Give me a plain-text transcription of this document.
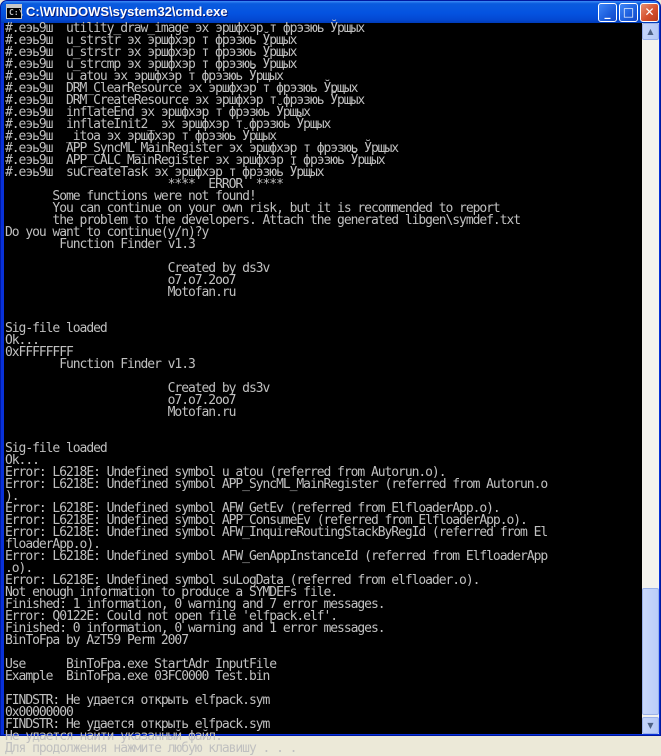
C:\ C:\WINDOWS\system32\cmd.exe	_	□ ✕
#.еэь9ш  utility_draw_image эх эршфхэр т фрэзюь Ўрщых
#.еэь9ш  u_strstr эх эршфхэр т фрэзюь Ўрщых
#.еэь9ш  u_strstr эх эршфхэр т фрэзюь Ўрщых
#.еэь9ш  u_strcmp эх эршфхэр т фрэзюь Ўрщых
#.еэь9ш  u_atou эх эршфхэр т фрэзюь Ўрщых
#.еэь9ш  DRM_ClearResource эх эршфхэр т фрэзюь Ўрщых
#.еэь9ш  DRM_CreateResource эх эршфхэр т фрэзюь Ўрщых
#.еэь9ш  inflateEnd эх эршфхэр т фрэзюь Ўрщых
#.еэь9ш  inflateInit2_ эх эршфхэр т фрэзюь Ўрщых
#.еэь9ш  _itoa эх эршфхэр т фрэзюь Ўрщых
#.еэь9ш  APP_SyncML_MainRegister эх эршфхэр т фрэзюь Ўрщых
#.еэь9ш  APP_CALC_MainRegister эх эршфхэр т фрэзюь Ўрщых
#.еэь9ш  suCreateTask эх эршфхэр т фрэзюь Ўрщых
****  ERROR  ****
Some functions were not found!
You can continue on your own risk, but it is recommended to report
the problem to the developers. Attach the generated libgen\symdef.txt
Do you want to continue(y/n)?y
Function Finder v1.3

Created by ds3v
o7.o7.2oo7
Motofan.ru

Sig-file loaded
Ok...
0xFFFFFFFF
Function Finder v1.3

Created by ds3v
o7.o7.2oo7
Motofan.ru

Sig-file loaded
Ok...
Error: L6218E: Undefined symbol u_atou (referred from Autorun.o).
Error: L6218E: Undefined symbol APP_SyncML_MainRegister (referred from Autorun.o
).
Error: L6218E: Undefined symbol AFW_GetEv (referred from ElfloaderApp.o).
Error: L6218E: Undefined symbol APP_ConsumeEv (referred from ElfloaderApp.o).
Error: L6218E: Undefined symbol AFW_InquireRoutingStackByRegId (referred from El
floaderApp.o).
Error: L6218E: Undefined symbol AFW_GenAppInstanceId (referred from ElfloaderApp
.o).
Error: L6218E: Undefined symbol suLogData (referred from elfloader.o).
Not enough information to produce a SYMDEFs file.
Finished: 1 information, 0 warning and 7 error messages.
Error: Q0122E: Could not open file 'elfpack.elf'.
Finished: 0 information, 0 warning and 1 error messages.
BinToFpa by AzT59 Perm 2007

Use      BinToFpa.exe StartAdr InputFile
Example  BinToFpa.exe 03FC0000 Test.bin

FINDSTR: Не удается открыть elfpack.sym
0x00000000
FINDSTR: Не удается открыть elfpack.sym
Не удается найти указанный файл.
Для продолжения нажмите любую клавишу . . .

▲
▼
